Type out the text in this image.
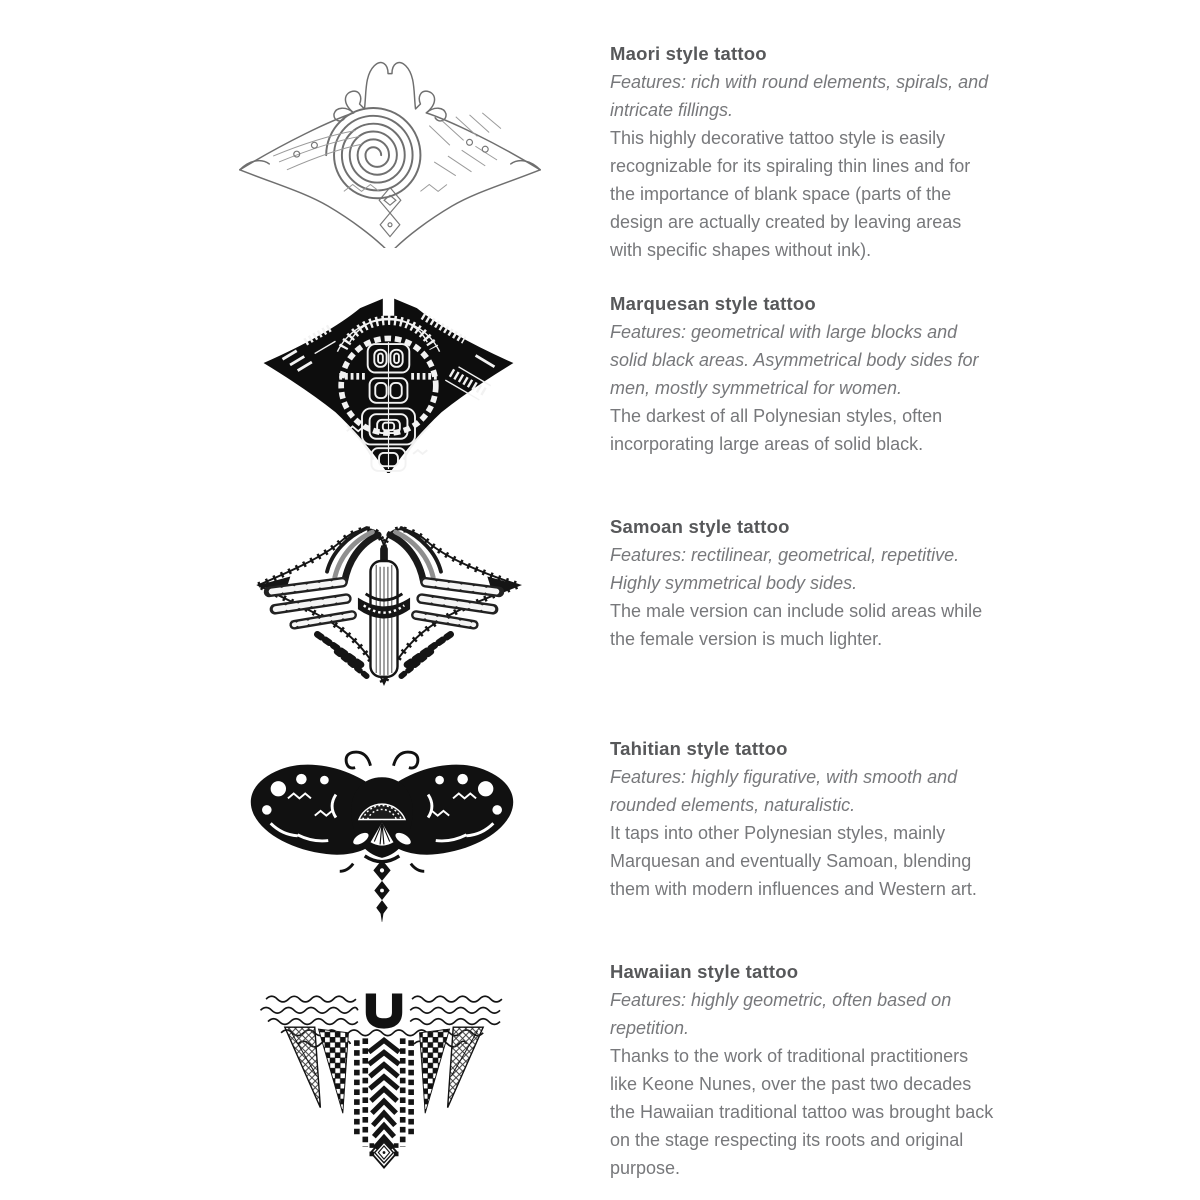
Maori style tattoo

Features: rich with round elements, spirals, and intricate fillings.

This highly decorative tattoo style is easily recognizable for its spiraling thin lines and for the importance of blank space (parts of the design are actually created by leaving areas with specific shapes without ink).

Marquesan style tattoo

Features: geometrical with large blocks and solid black areas. Asymmetrical body sides for men, mostly symmetrical for women.

The darkest of all Polynesian styles, often incorporating large areas of solid black.

Samoan style tattoo

Features: rectilinear, geometrical, repetitive. Highly symmetrical body sides.

The male version can include solid areas while the female version is much lighter.

Tahitian style tattoo

Features: highly figurative, with smooth and rounded elements, naturalistic.

It taps into other Polynesian styles, mainly Marquesan and eventually Samoan, blending them with modern influences and Western art.

Hawaiian style tattoo

Features: highly geometric, often based on repetition.

Thanks to the work of traditional practitioners like Keone Nunes, over the past two decades the Hawaiian traditional tattoo was brought back on the stage respecting its roots and original purpose.
